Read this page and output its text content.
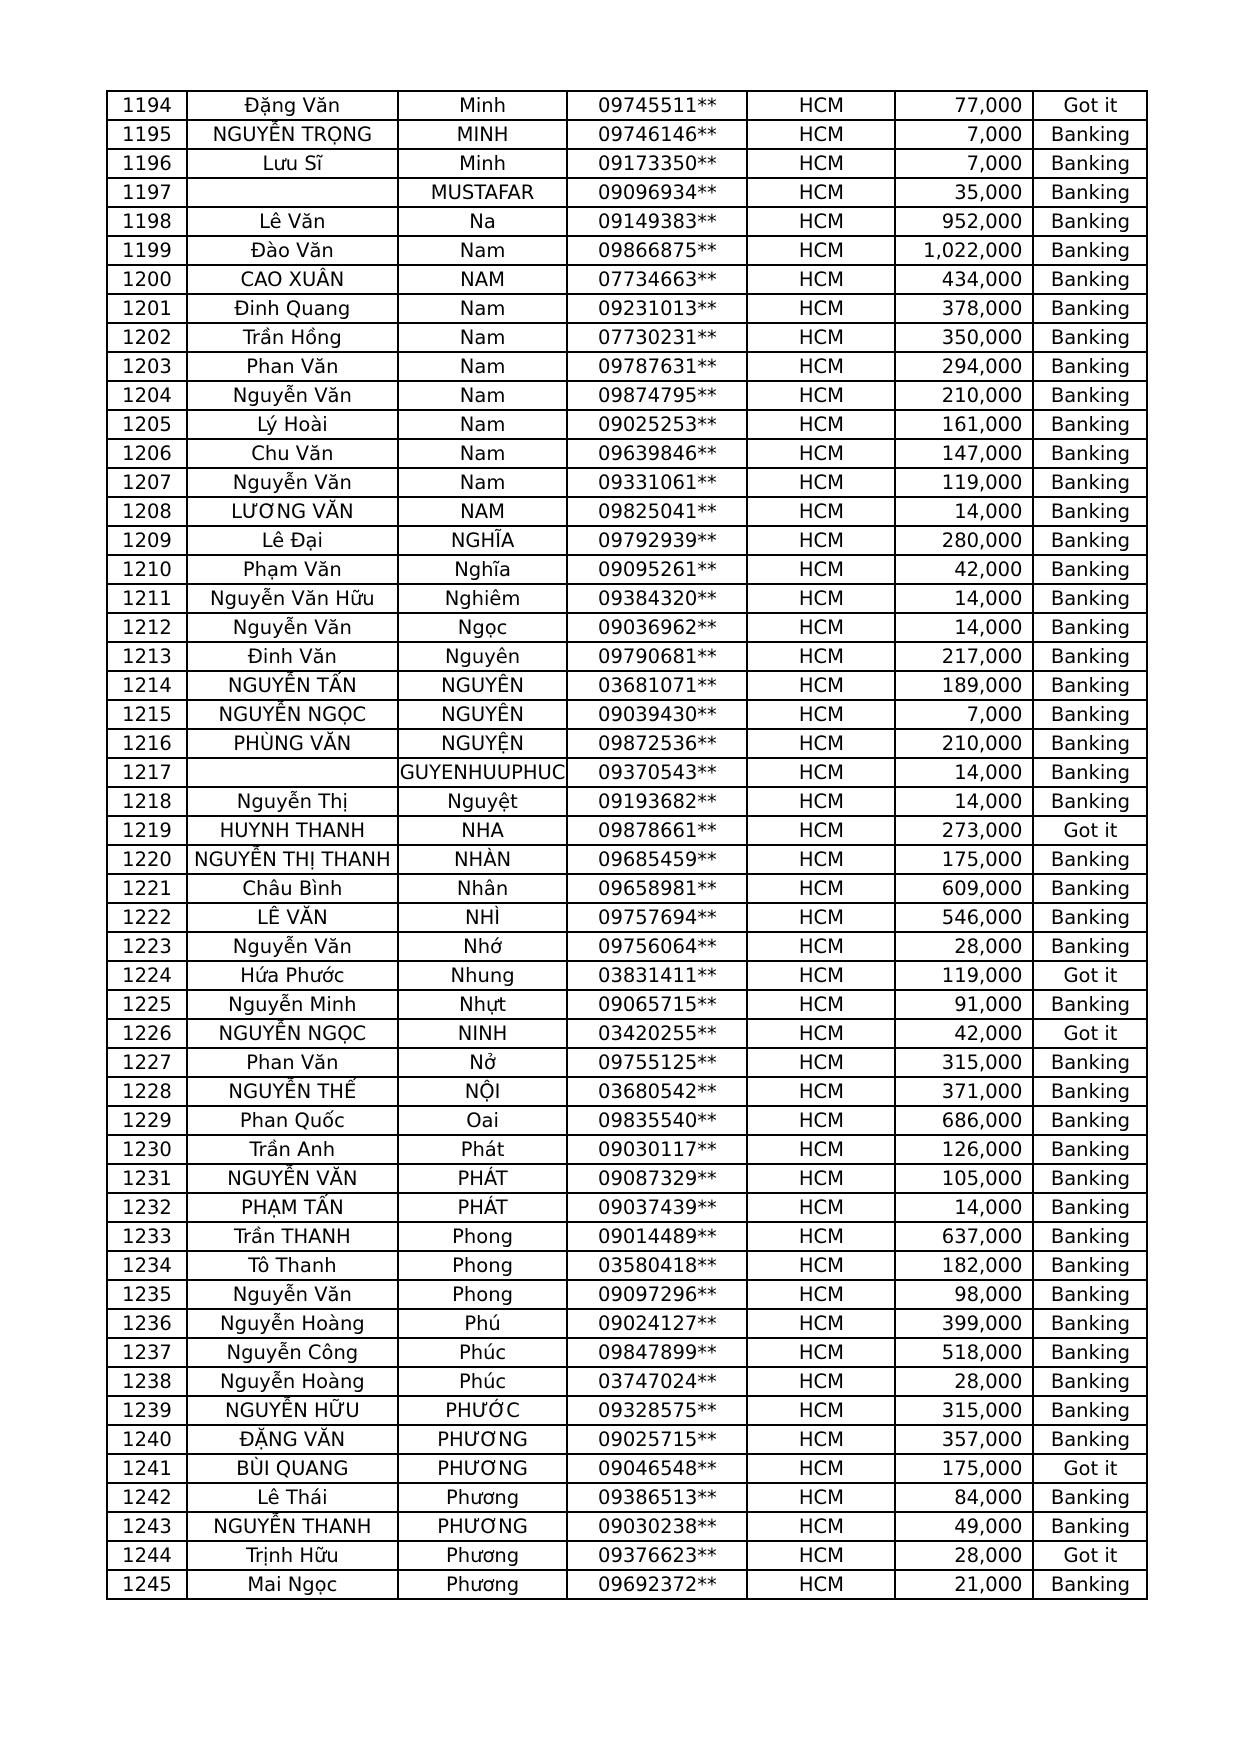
1194	Đặng Văn	Minh	09745511**	HCM	77,000	Got it
1195	NGUYỄN TRỌNG	MINH	09746146**	HCM	7,000	Banking
1196	Lưu Sĩ	Minh	09173350**	HCM	7,000	Banking
1197		MUSTAFAR	09096934**	HCM	35,000	Banking
1198	Lê Văn	Na	09149383**	HCM	952,000	Banking
1199	Đào Văn	Nam	09866875**	HCM	1,022,000	Banking
1200	CAO XUÂN	NAM	07734663**	HCM	434,000	Banking
1201	Đinh Quang	Nam	09231013**	HCM	378,000	Banking
1202	Trần Hồng	Nam	07730231**	HCM	350,000	Banking
1203	Phan Văn	Nam	09787631**	HCM	294,000	Banking
1204	Nguyễn Văn	Nam	09874795**	HCM	210,000	Banking
1205	Lý Hoài	Nam	09025253**	HCM	161,000	Banking
1206	Chu Văn	Nam	09639846**	HCM	147,000	Banking
1207	Nguyễn Văn	Nam	09331061**	HCM	119,000	Banking
1208	LƯƠNG VĂN	NAM	09825041**	HCM	14,000	Banking
1209	Lê Đại	NGHĨA	09792939**	HCM	280,000	Banking
1210	Phạm Văn	Nghĩa	09095261**	HCM	42,000	Banking
1211	Nguyễn Văn Hữu	Nghiêm	09384320**	HCM	14,000	Banking
1212	Nguyễn Văn	Ngọc	09036962**	HCM	14,000	Banking
1213	Đinh Văn	Nguyên	09790681**	HCM	217,000	Banking
1214	NGUYỄN TẤN	NGUYÊN	03681071**	HCM	189,000	Banking
1215	NGUYỄN NGỌC	NGUYÊN	09039430**	HCM	7,000	Banking
1216	PHÙNG VĂN	NGUYỆN	09872536**	HCM	210,000	Banking
1217		GUYENHUUPHUC	09370543**	HCM	14,000	Banking
1218	Nguyễn Thị	Nguyệt	09193682**	HCM	14,000	Banking
1219	HUYNH THANH	NHA	09878661**	HCM	273,000	Got it
1220	NGUYỄN THỊ THANH	NHÀN	09685459**	HCM	175,000	Banking
1221	Châu Bình	Nhân	09658981**	HCM	609,000	Banking
1222	LÊ VĂN	NHÌ	09757694**	HCM	546,000	Banking
1223	Nguyễn Văn	Nhớ	09756064**	HCM	28,000	Banking
1224	Hứa Phước	Nhung	03831411**	HCM	119,000	Got it
1225	Nguyễn Minh	Nhựt	09065715**	HCM	91,000	Banking
1226	NGUYỄN NGỌC	NINH	03420255**	HCM	42,000	Got it
1227	Phan Văn	Nở	09755125**	HCM	315,000	Banking
1228	NGUYỄN THẾ	NỘI	03680542**	HCM	371,000	Banking
1229	Phan Quốc	Oai	09835540**	HCM	686,000	Banking
1230	Trần Anh	Phát	09030117**	HCM	126,000	Banking
1231	NGUYỄN VĂN	PHÁT	09087329**	HCM	105,000	Banking
1232	PHẠM TẤN	PHÁT	09037439**	HCM	14,000	Banking
1233	Trần THANH	Phong	09014489**	HCM	637,000	Banking
1234	Tô Thanh	Phong	03580418**	HCM	182,000	Banking
1235	Nguyễn Văn	Phong	09097296**	HCM	98,000	Banking
1236	Nguyễn Hoàng	Phú	09024127**	HCM	399,000	Banking
1237	Nguyễn Công	Phúc	09847899**	HCM	518,000	Banking
1238	Nguyễn Hoàng	Phúc	03747024**	HCM	28,000	Banking
1239	NGUYỄN HỮU	PHƯỚC	09328575**	HCM	315,000	Banking
1240	ĐẶNG VĂN	PHƯƠNG	09025715**	HCM	357,000	Banking
1241	BÙI QUANG	PHƯƠNG	09046548**	HCM	175,000	Got it
1242	Lê Thái	Phương	09386513**	HCM	84,000	Banking
1243	NGUYỄN THANH	PHƯƠNG	09030238**	HCM	49,000	Banking
1244	Trịnh Hữu	Phương	09376623**	HCM	28,000	Got it
1245	Mai Ngọc	Phương	09692372**	HCM	21,000	Banking
